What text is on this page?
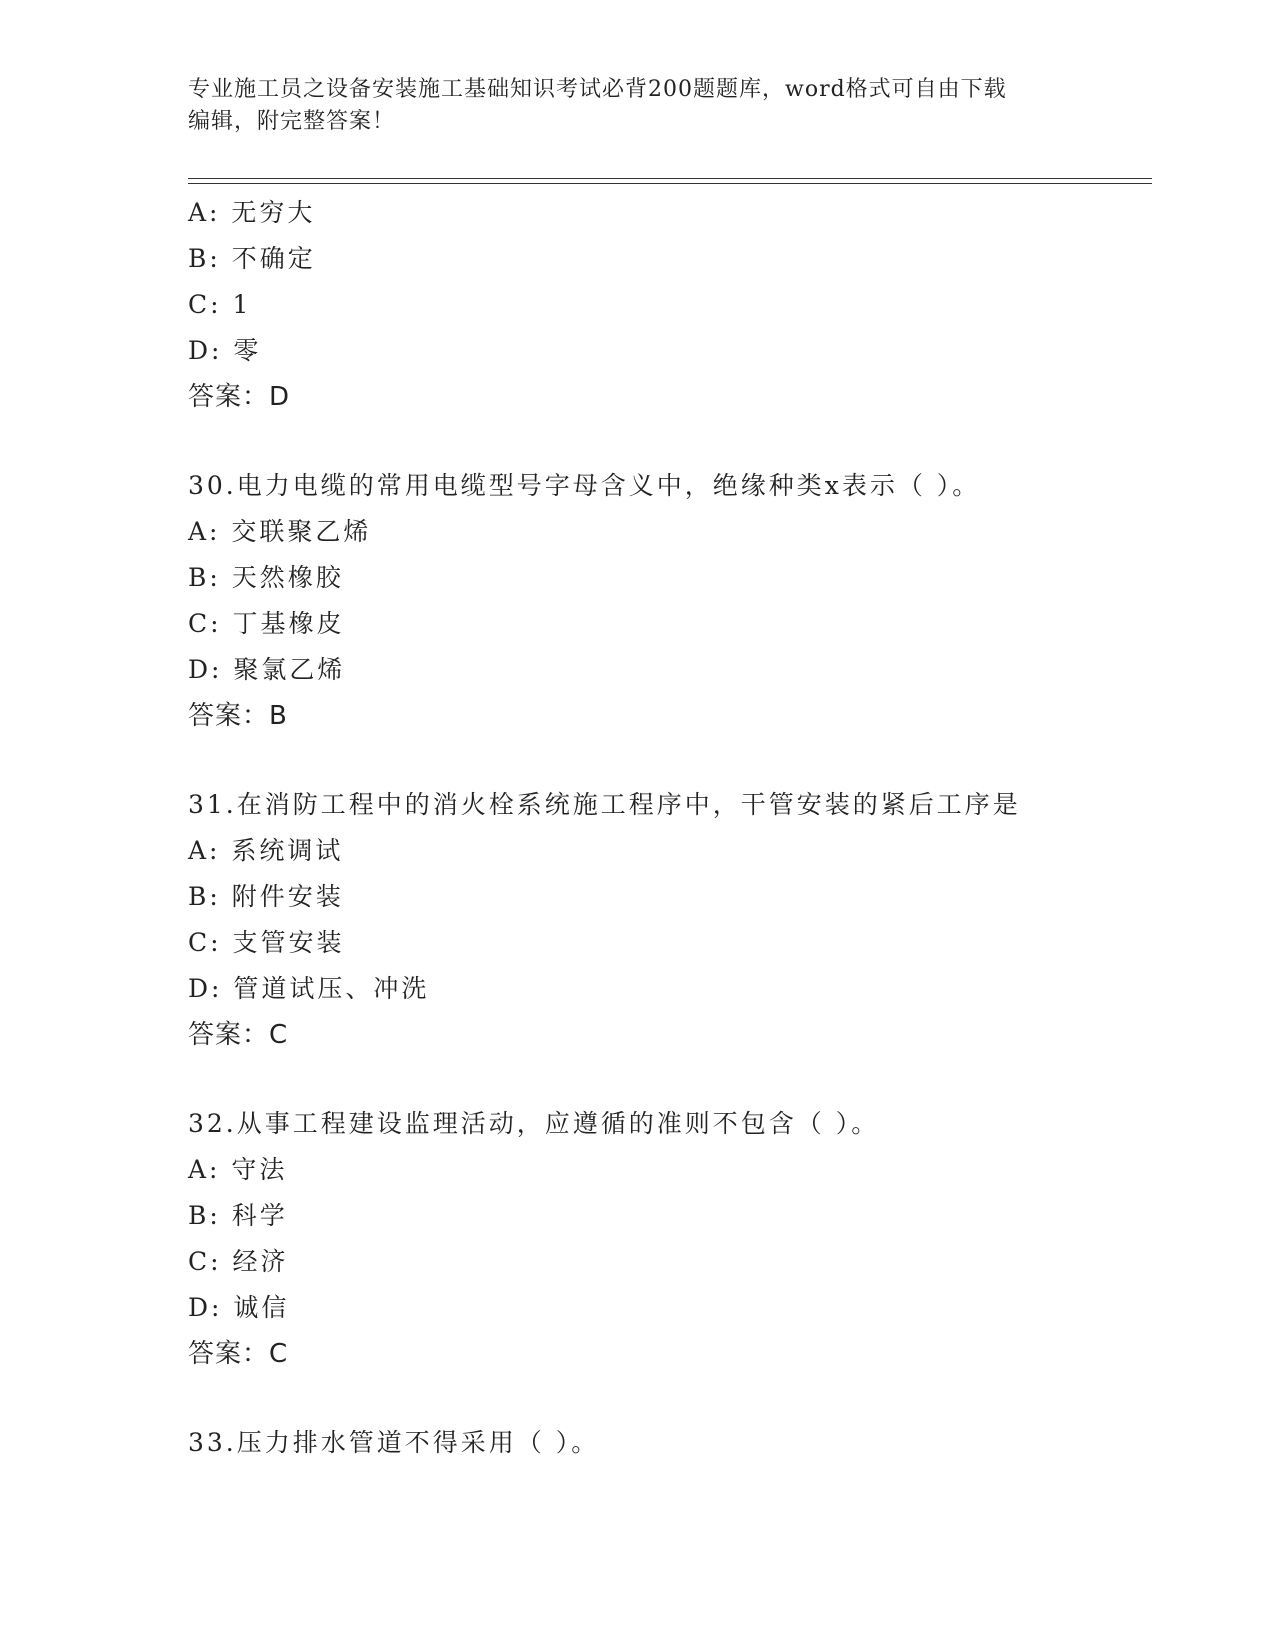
专业施工员之设备安装施工基础知识考试必背200题题库，word格式可自由下载
编辑，附完整答案！
A: 无穷大
B: 不确定
C: 1
D: 零
答案：D
30.电力电缆的常用电缆型号字母含义中，绝缘种类x表示（ ）。
A: 交联聚乙烯
B: 天然橡胶
C: 丁基橡皮
D: 聚氯乙烯
答案：B
31.在消防工程中的消火栓系统施工程序中，干管安装的紧后工序是
A: 系统调试
B: 附件安装
C: 支管安装
D: 管道试压、冲洗
答案：C
32.从事工程建设监理活动，应遵循的准则不包含（ ）。
A: 守法
B: 科学
C: 经济
D: 诚信
答案：C
33.压力排水管道不得采用（ ）。
